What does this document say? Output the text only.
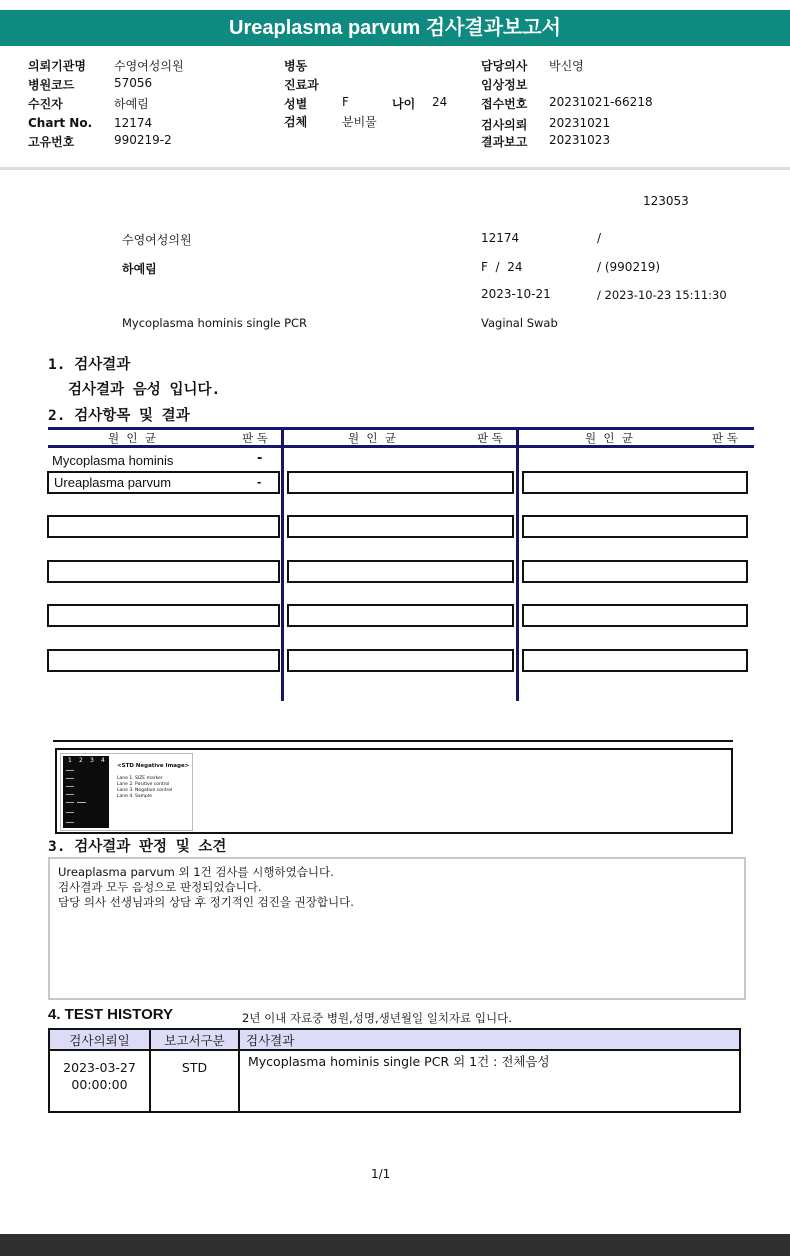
Ureaplasma parvum 검사결과보고서
의뢰기관명 수영여성의원
병원코드	57056
수진자	하예림
Chart No. 12174
고유번호	990219-2
병동
진료과
성별	F	나이 24
검체	분비물
담당의사 박신영
임상정보
접수번호 20231021-66218
검사의뢰 20231021
결과보고 20231023
123053
수영여성의원	12174	/
하예림	F  /  24	/ (990219)
2023-10-21	/ 2023-10-23 15:11:30
Mycoplasma hominis single PCR	Vaginal Swab
1. 검사결과
검사결과 음성 입니다.
2. 검사항목 및 결과
원  인  균	판 독	원  인  균	판 독	원  인  균	판 독
Mycoplasma hominis	-
Ureaplasma parvum	-
1 2 3 4
<STD Negative Image>
Lane 1. SIZE marker
Lane 2. Positive control
Lane 3. Negative control
Lane 4. Sample
3. 검사결과 판정 및 소견
Ureaplasma parvum 외 1건 검사를 시행하였습니다.
검사결과 모두 음성으로 판정되었습니다.
담당 의사 선생님과의 상담 후 정기적인 검진을 권장합니다.
4. TEST HISTORY	2년 이내 자료중 병원,성명,생년월일 일치자료 입니다.
검사의뢰일	보고서구분	검사결과

2023-03-27
00:00:00	STD	Mycoplasma hominis single PCR 외 1건 : 전체음성
1/1
